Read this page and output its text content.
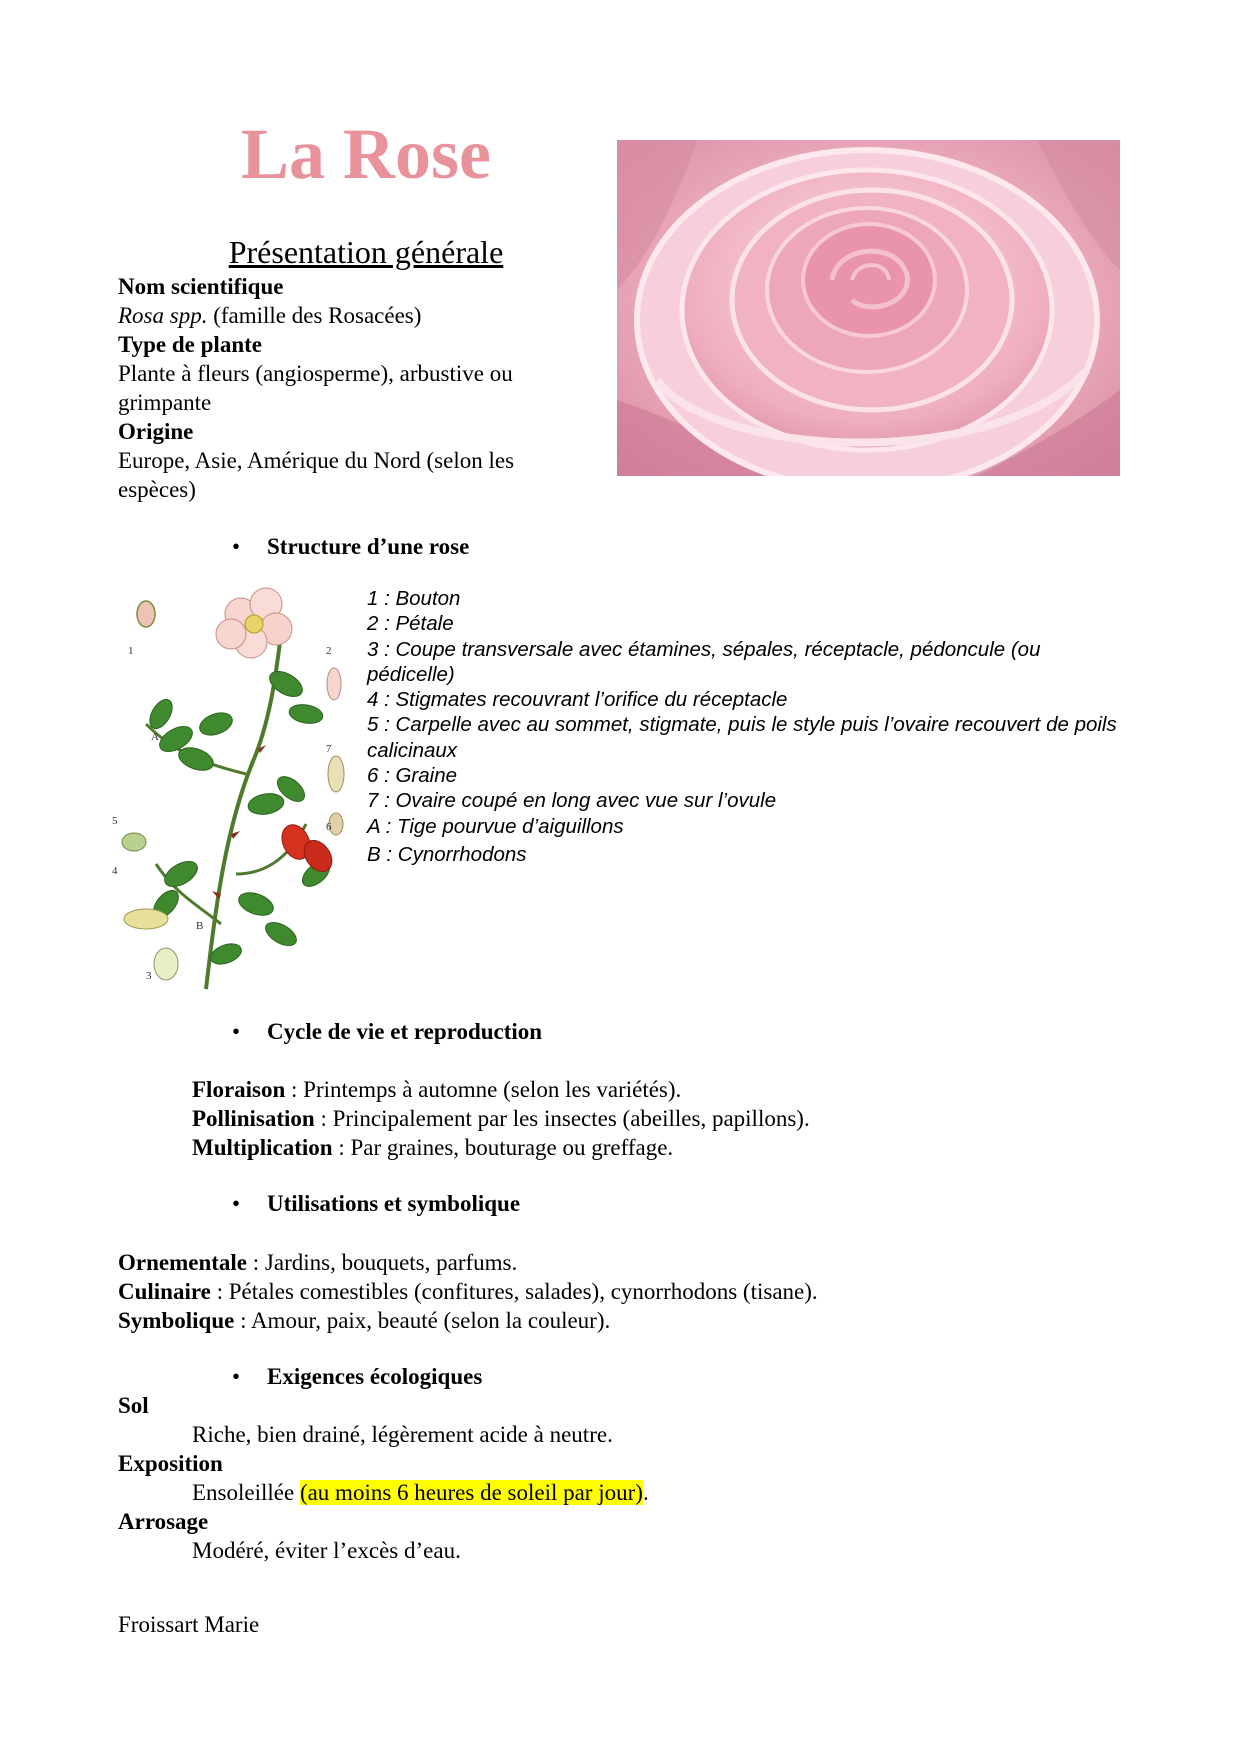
La Rose
Présentation générale
Nom scientifique
Rosa spp. (famille des Rosacées)
Type de plante
Plante à fleurs (angiosperme), arbustive ou grimpante
Origine
Europe, Asie, Amérique du Nord (selon les espèces)
• Structure d’une rose
1	2
A
5
7
6
4
B
3
1 : Bouton
2 : Pétale
3 : Coupe transversale avec étamines, sépales, réceptacle, pédoncule (ou pédicelle)
4 : Stigmates recouvrant l’orifice du réceptacle
5 : Carpelle avec au sommet, stigmate, puis le style puis l’ovaire recouvert de poils calicinaux
6 : Graine
7 : Ovaire coupé en long avec vue sur l’ovule
A : Tige pourvue d’aiguillons
B : Cynorrhodons
• Cycle de vie et reproduction
Floraison : Printemps à automne (selon les variétés).
Pollinisation : Principalement par les insectes (abeilles, papillons).
Multiplication : Par graines, bouturage ou greffage.
• Utilisations et symbolique
Ornementale : Jardins, bouquets, parfums.
Culinaire : Pétales comestibles (confitures, salades), cynorrhodons (tisane).
Symbolique : Amour, paix, beauté (selon la couleur).
• Exigences écologiques
Sol
Riche, bien drainé, légèrement acide à neutre.
Exposition
Ensoleillée (au moins 6 heures de soleil par jour).
Arrosage
Modéré, éviter l’excès d’eau.
Froissart Marie
